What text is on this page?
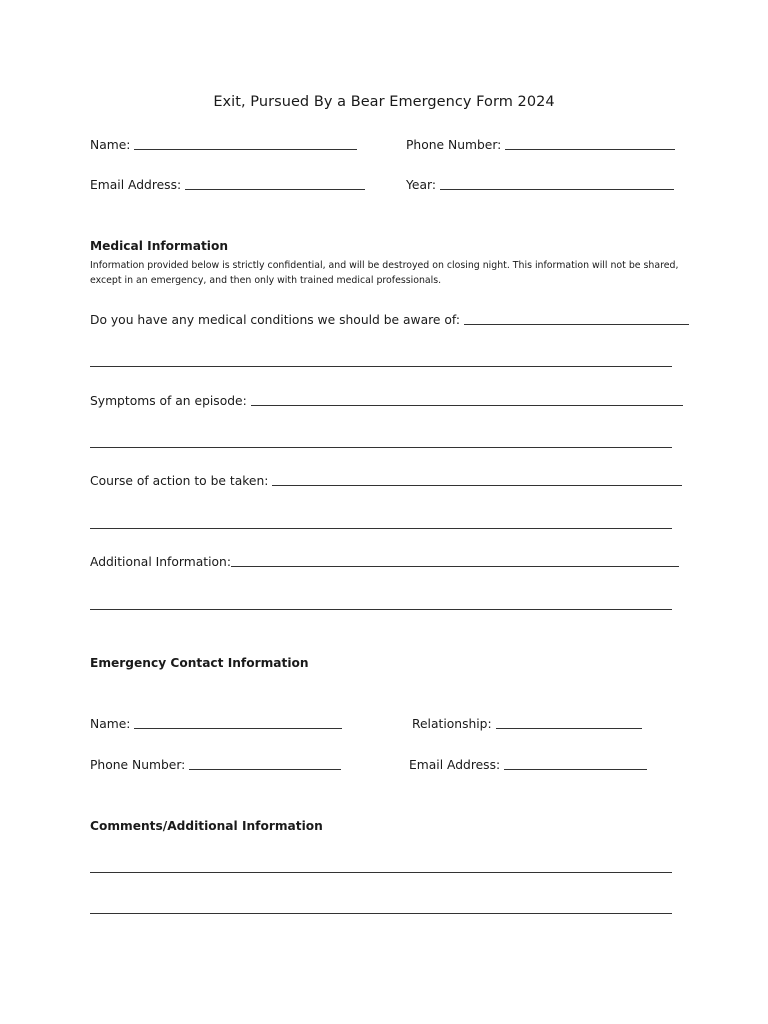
Exit, Pursued By a Bear Emergency Form 2024
Name:	Phone Number:
Email Address:	Year:
Medical Information
Information provided below is strictly confidential, and will be destroyed on closing night. This information will not be shared, except in an emergency, and then only with trained medical professionals.
Do you have any medical conditions we should be aware of:
Symptoms of an episode:
Course of action to be taken:
Additional Information:
Emergency Contact Information
Name:	Relationship:
Phone Number:	Email Address:
Comments/Additional Information
